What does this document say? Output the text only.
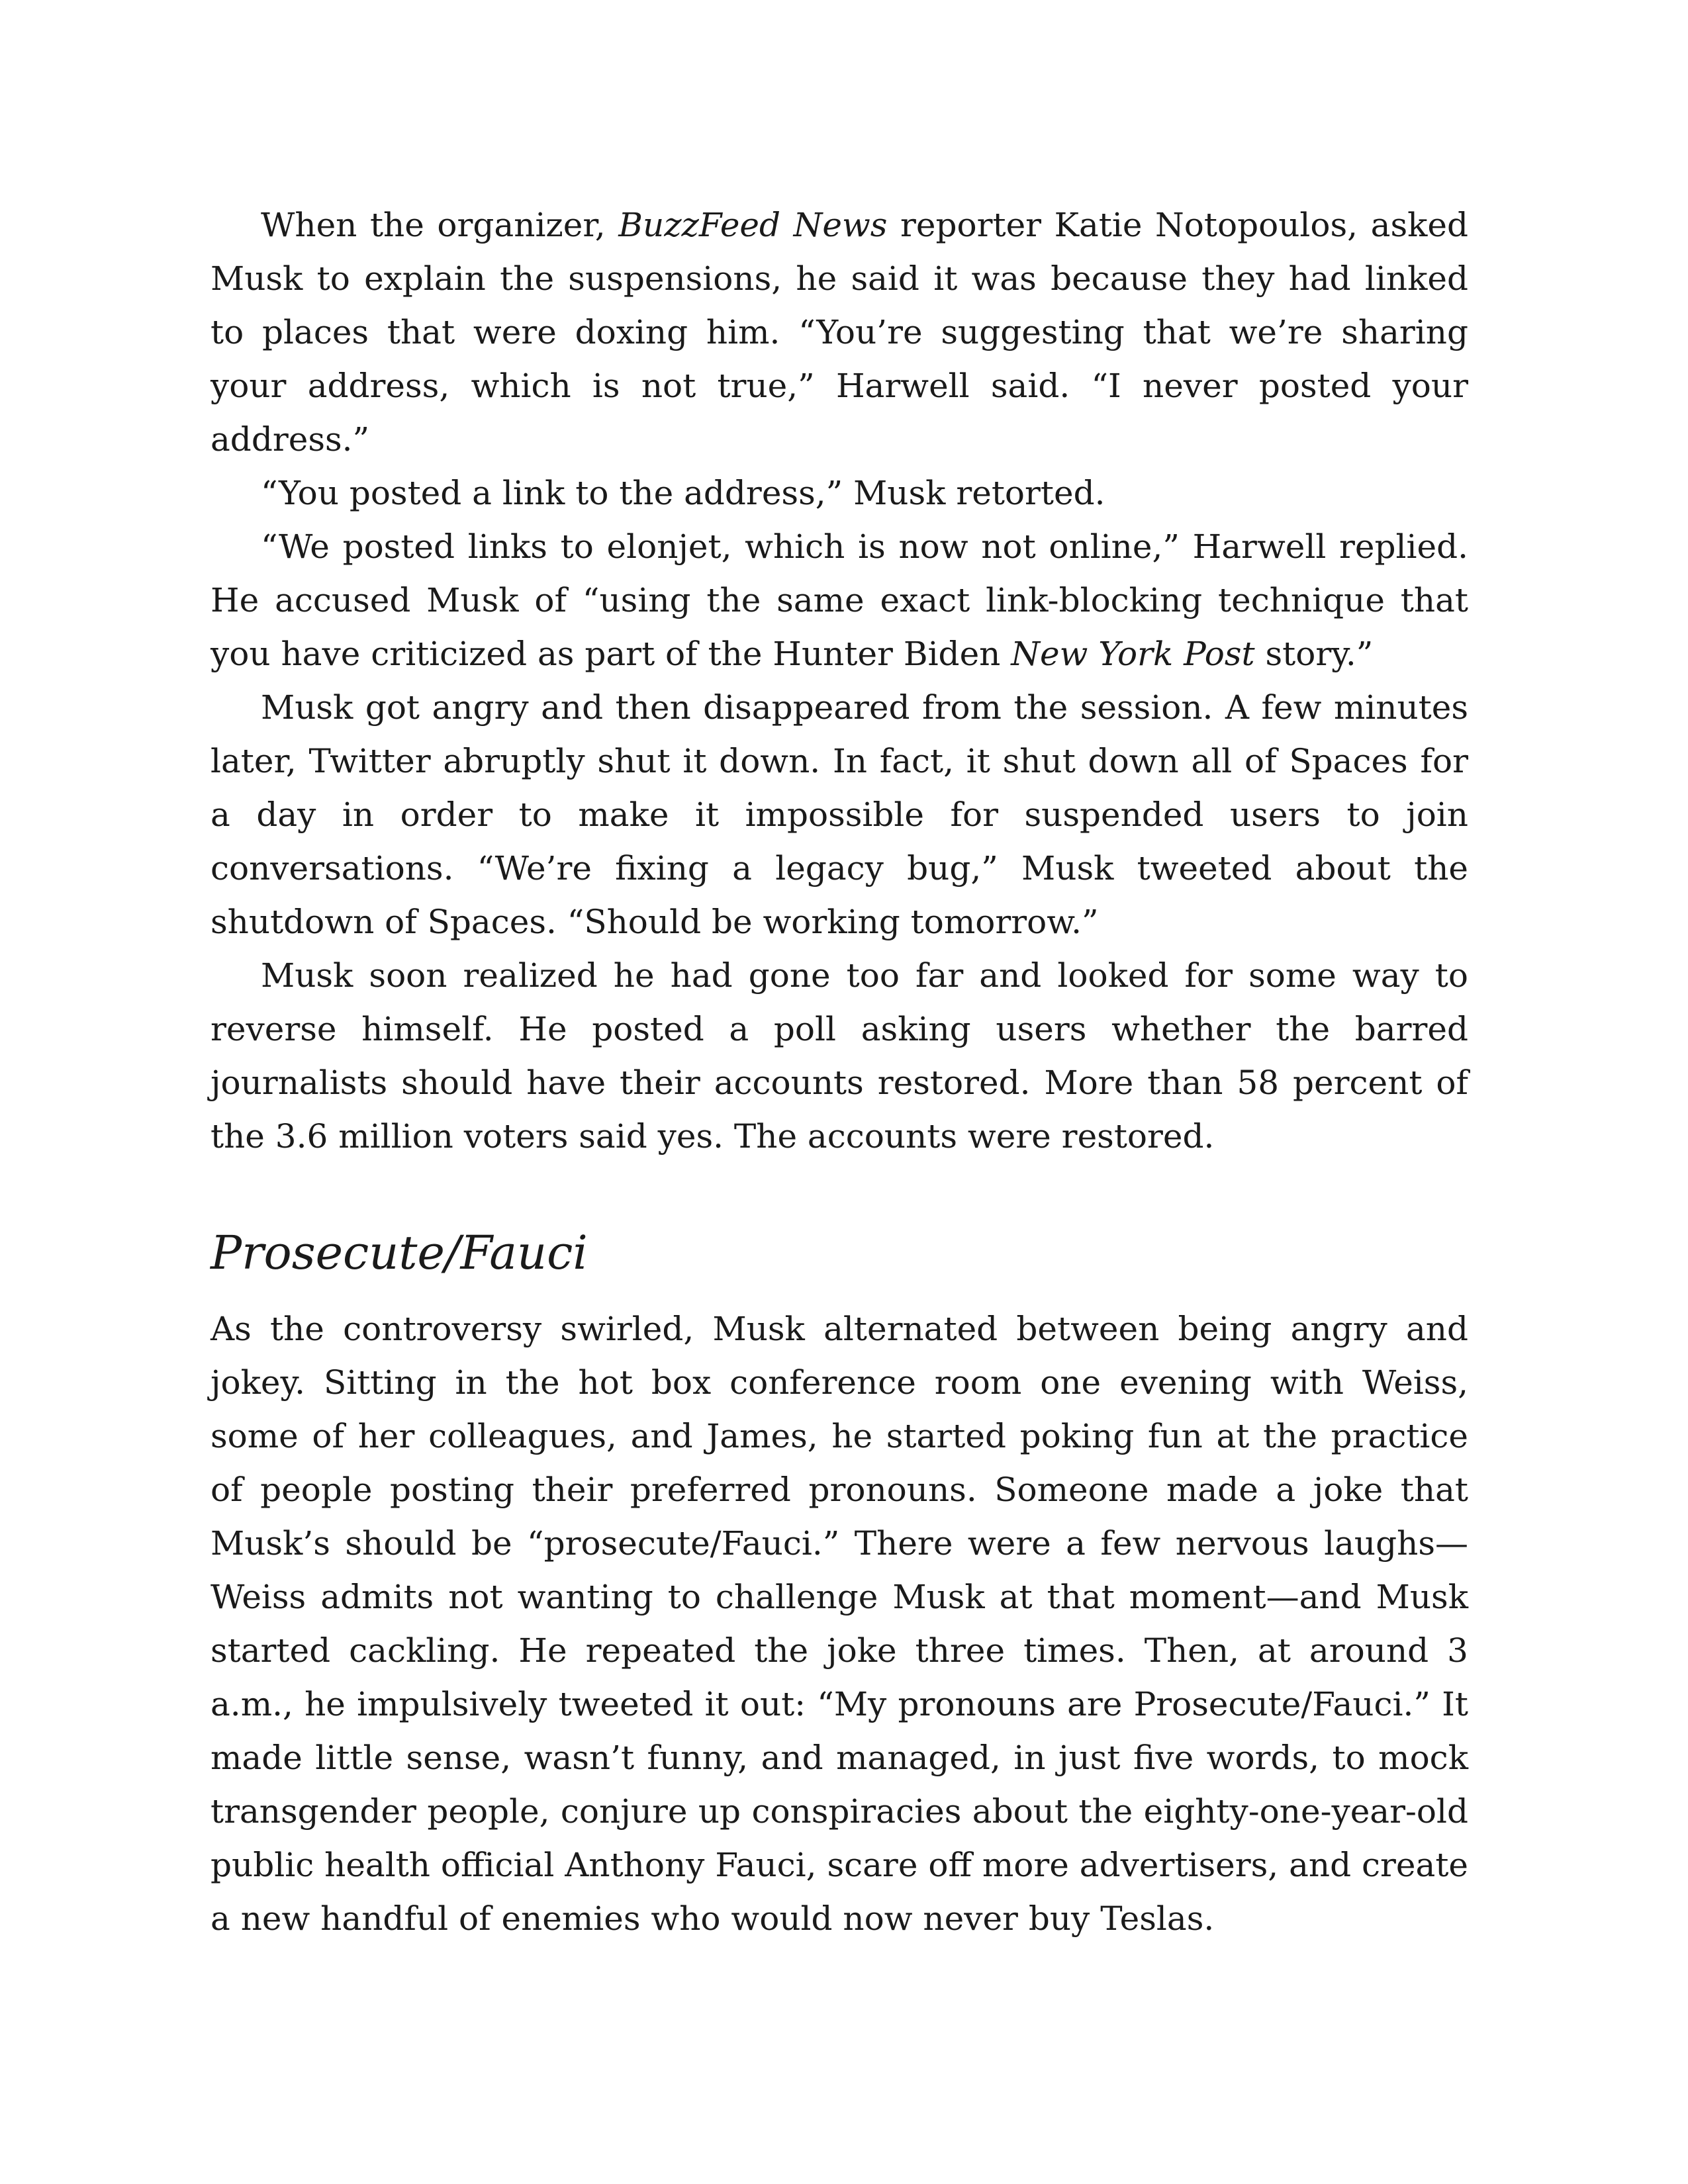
When the organizer, BuzzFeed News reporter Katie Notopoulos, asked Musk to explain the suspensions, he said it was because they had linked to places that were doxing him. “You’re suggesting that we’re sharing your address, which is not true,” Harwell said. “I never posted your address.”

“You posted a link to the address,” Musk retorted.

“We posted links to elonjet, which is now not online,” Harwell replied. He accused Musk of “using the same exact link-blocking technique that you have criticized as part of the Hunter Biden New York Post story.”

Musk got angry and then disappeared from the session. A few minutes later, Twitter abruptly shut it down. In fact, it shut down all of Spaces for a day in order to make it impossible for suspended users to join conversations. “We’re fixing a legacy bug,” Musk tweeted about the shutdown of Spaces. “Should be working tomorrow.”

Musk soon realized he had gone too far and looked for some way to reverse himself. He posted a poll asking users whether the barred journalists should have their accounts restored. More than 58 percent of the 3.6 million voters said yes. The accounts were restored.

Prosecute/Fauci

As the controversy swirled, Musk alternated between being angry and jokey. Sitting in the hot box conference room one evening with Weiss, some of her colleagues, and James, he started poking fun at the practice of people posting their preferred pronouns. Someone made a joke that Musk’s should be “prosecute/Fauci.” There were a few nervous laughs—Weiss admits not wanting to challenge Musk at that moment—and Musk started cackling. He repeated the joke three times. Then, at around 3 a.m., he impulsively tweeted it out: “My pronouns are Prosecute/Fauci.” It made little sense, wasn’t funny, and managed, in just five words, to mock transgender people, conjure up conspiracies about the eighty-one-year-old public health official Anthony Fauci, scare off more advertisers, and create a new handful of enemies who would now never buy Teslas.
